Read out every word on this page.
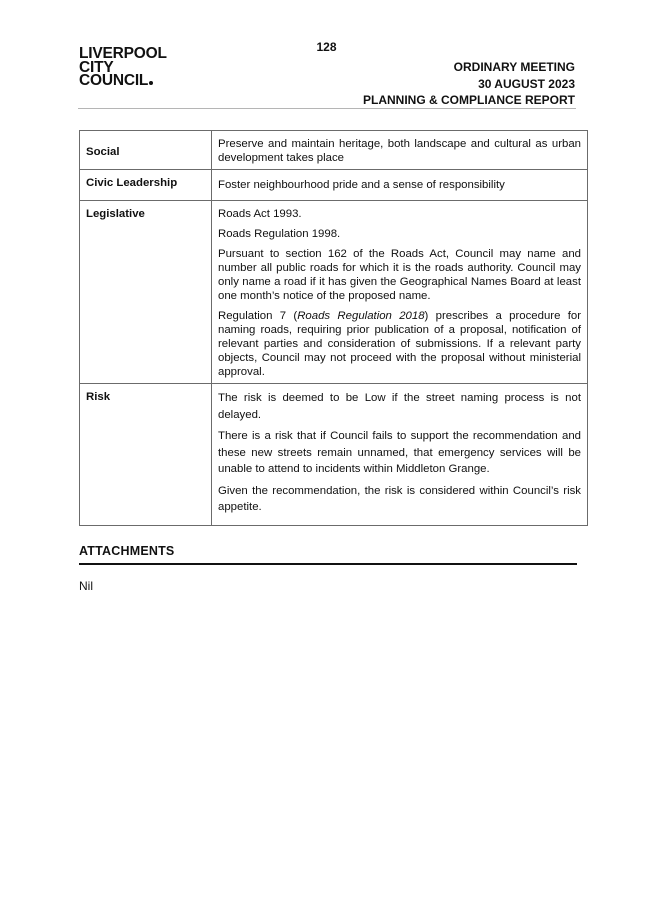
128
LIVERPOOL
CITY
COUNCIL
ORDINARY MEETING
30 AUGUST 2023
PLANNING & COMPLIANCE REPORT
Social	Preserve and maintain heritage, both landscape and cultural as urban development takes place

Civic Leadership	Foster neighbourhood pride and a sense of responsibility

Legislative	Roads Act 1993.

Roads Regulation 1998.

Pursuant to section 162 of the Roads Act, Council may name and number all public roads for which it is the roads authority. Council may only name a road if it has given the Geographical Names Board at least one month’s notice of the proposed name.

Regulation 7 (Roads Regulation 2018) prescribes a procedure for naming roads, requiring prior publication of a proposal, notification of relevant parties and consideration of submissions. If a relevant party objects, Council may not proceed with the proposal without ministerial approval.

Risk	The risk is deemed to be Low if the street naming process is not delayed.

There is a risk that if Council fails to support the recommendation and these new streets remain unnamed, that emergency services will be unable to attend to incidents within Middleton Grange.

Given the recommendation, the risk is considered within Council’s risk appetite.

ATTACHMENTS
Nil
